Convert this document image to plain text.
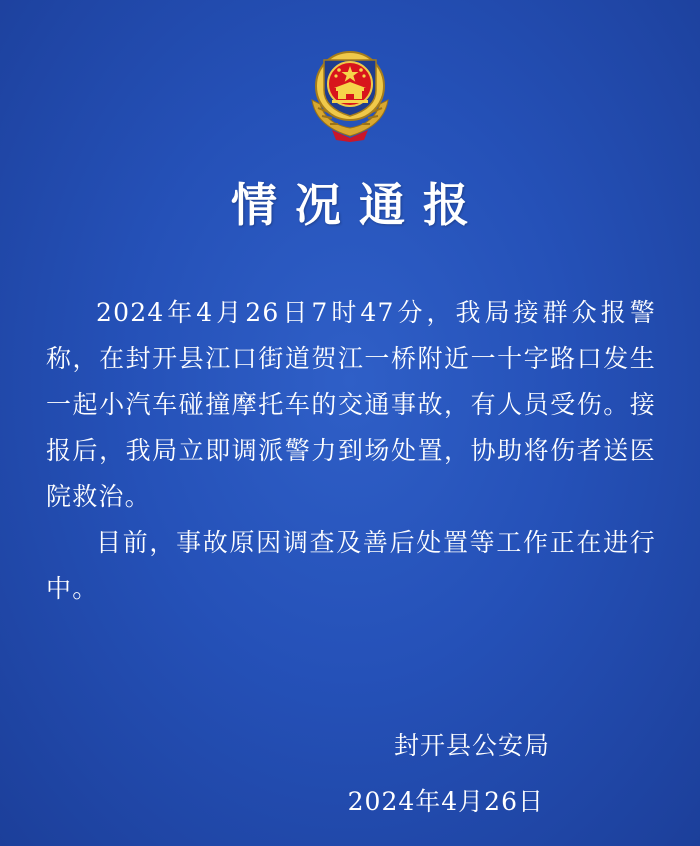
情况通报

2024年4月26日7时47分，我局接群众报警称，在封开县江口街道贺江一桥附近一十字路口发生一起小汽车碰撞摩托车的交通事故，有人员受伤。接报后，我局立即调派警力到场处置，协助将伤者送医院救治。

目前，事故原因调查及善后处置等工作正在进行中。

封开县公安局
2024年4月26日
